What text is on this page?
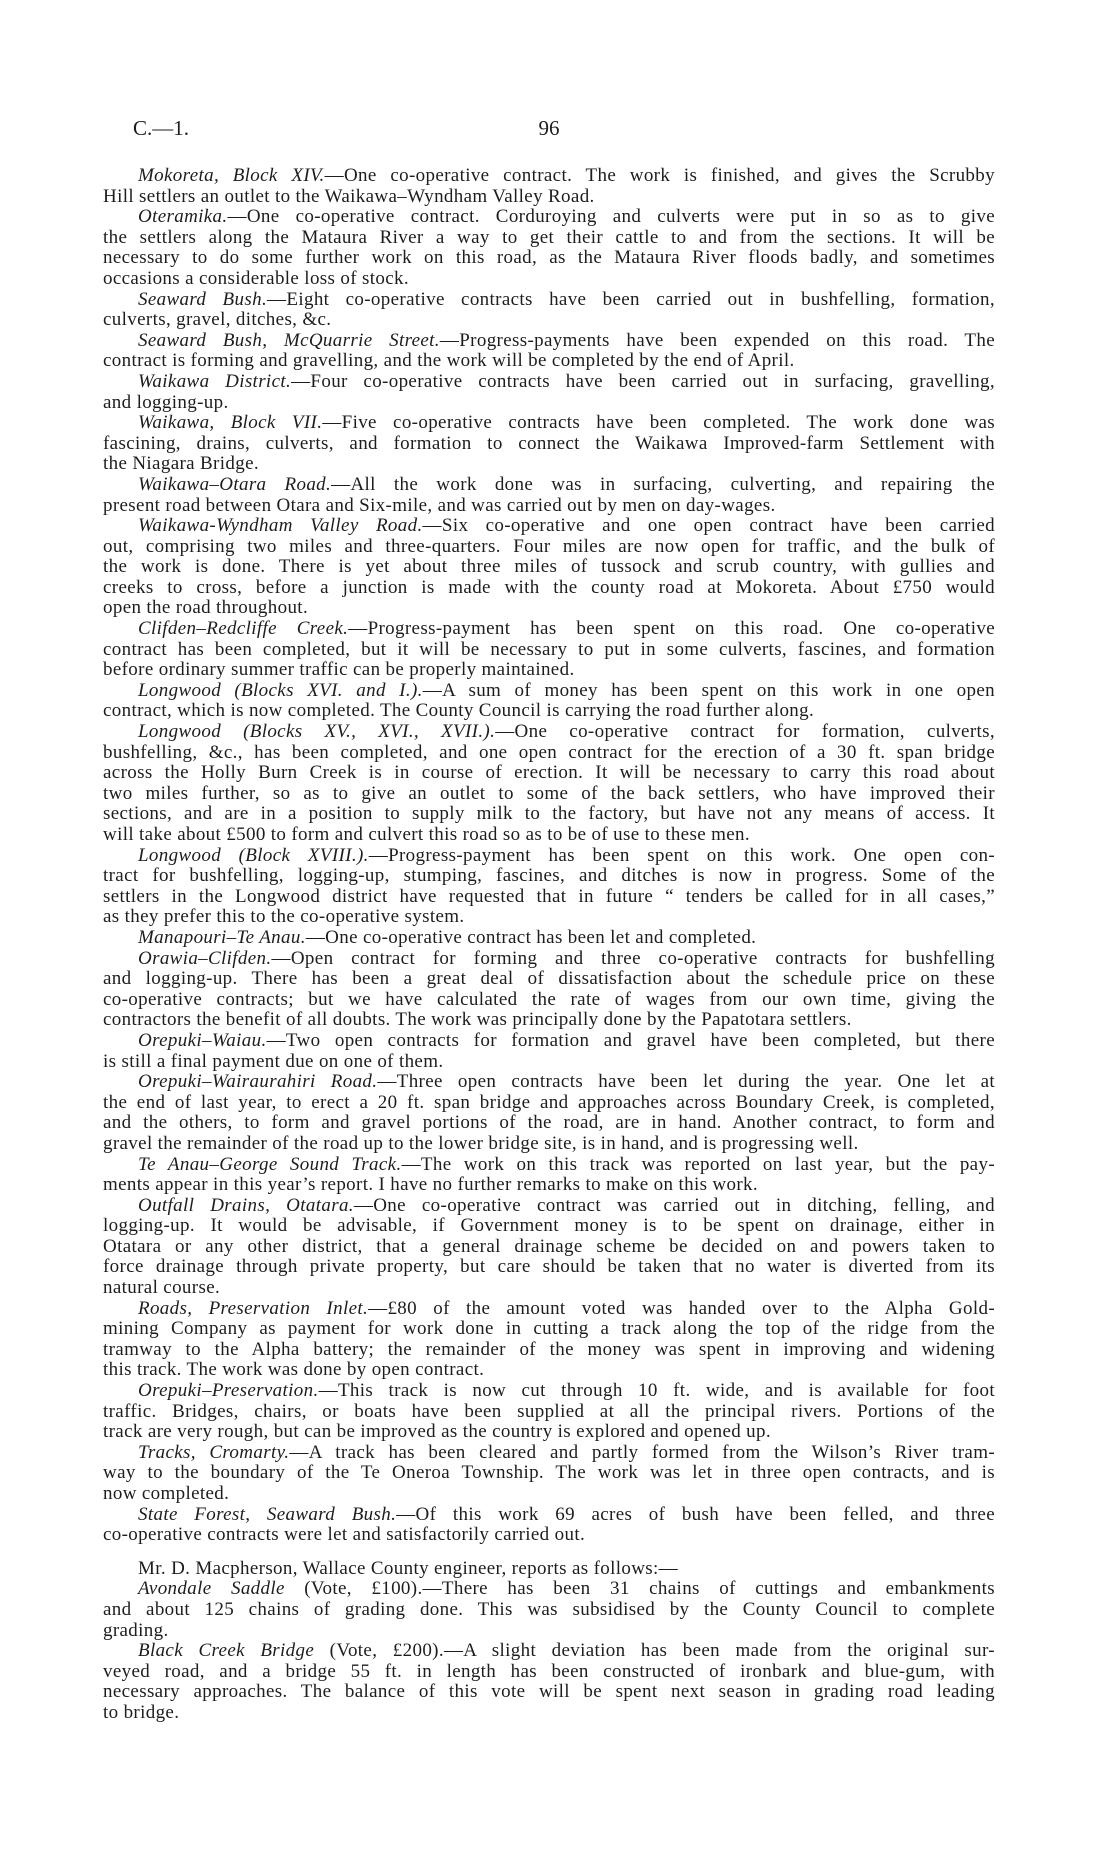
C.—1.	96
Mokoreta, Block XIV.—One co-operative contract. The work is finished, and gives the Scrubby
Hill settlers an outlet to the Waikawa–Wyndham Valley Road.
Oteramika.—One co-operative contract. Corduroying and culverts were put in so as to give
the settlers along the Mataura River a way to get their cattle to and from the sections. It will be
necessary to do some further work on this road, as the Mataura River floods badly, and sometimes
occasions a considerable loss of stock.
Seaward Bush.—Eight co-operative contracts have been carried out in bushfelling, formation,
culverts, gravel, ditches, &c.
Seaward Bush, McQuarrie Street.—Progress-payments have been expended on this road. The
contract is forming and gravelling, and the work will be completed by the end of April.
Waikawa District.—Four co-operative contracts have been carried out in surfacing, gravelling,
and logging-up.
Waikawa, Block VII.—Five co-operative contracts have been completed. The work done was
fascining, drains, culverts, and formation to connect the Waikawa Improved-farm Settlement with
the Niagara Bridge.
Waikawa–Otara Road.—All the work done was in surfacing, culverting, and repairing the
present road between Otara and Six-mile, and was carried out by men on day-wages.
Waikawa-Wyndham Valley Road.—Six co-operative and one open contract have been carried
out, comprising two miles and three-quarters. Four miles are now open for traffic, and the bulk of
the work is done. There is yet about three miles of tussock and scrub country, with gullies and
creeks to cross, before a junction is made with the county road at Mokoreta. About £750 would
open the road throughout.
Clifden–Redcliffe Creek.—Progress-payment has been spent on this road. One co-operative
contract has been completed, but it will be necessary to put in some culverts, fascines, and formation
before ordinary summer traffic can be properly maintained.
Longwood (Blocks XVI. and I.).—A sum of money has been spent on this work in one open
contract, which is now completed. The County Council is carrying the road further along.
Longwood (Blocks XV., XVI., XVII.).—One co-operative contract for formation, culverts,
bushfelling, &c., has been completed, and one open contract for the erection of a 30 ft. span bridge
across the Holly Burn Creek is in course of erection. It will be necessary to carry this road about
two miles further, so as to give an outlet to some of the back settlers, who have improved their
sections, and are in a position to supply milk to the factory, but have not any means of access. It
will take about £500 to form and culvert this road so as to be of use to these men.
Longwood (Block XVIII.).—Progress-payment has been spent on this work. One open con-
tract for bushfelling, logging-up, stumping, fascines, and ditches is now in progress. Some of the
settlers in the Longwood district have requested that in future “ tenders be called for in all cases,”
as they prefer this to the co-operative system.
Manapouri–Te Anau.—One co-operative contract has been let and completed.
Orawia–Clifden.—Open contract for forming and three co-operative contracts for bushfelling
and logging-up. There has been a great deal of dissatisfaction about the schedule price on these
co-operative contracts; but we have calculated the rate of wages from our own time, giving the
contractors the benefit of all doubts. The work was principally done by the Papatotara settlers.
Orepuki–Waiau.—Two open contracts for formation and gravel have been completed, but there
is still a final payment due on one of them.
Orepuki–Wairaurahiri Road.—Three open contracts have been let during the year. One let at
the end of last year, to erect a 20 ft. span bridge and approaches across Boundary Creek, is completed,
and the others, to form and gravel portions of the road, are in hand. Another contract, to form and
gravel the remainder of the road up to the lower bridge site, is in hand, and is progressing well.
Te Anau–George Sound Track.—The work on this track was reported on last year, but the pay-
ments appear in this year’s report. I have no further remarks to make on this work.
Outfall Drains, Otatara.—One co-operative contract was carried out in ditching, felling, and
logging-up. It would be advisable, if Government money is to be spent on drainage, either in
Otatara or any other district, that a general drainage scheme be decided on and powers taken to
force drainage through private property, but care should be taken that no water is diverted from its
natural course.
Roads, Preservation Inlet.—£80 of the amount voted was handed over to the Alpha Gold-
mining Company as payment for work done in cutting a track along the top of the ridge from the
tramway to the Alpha battery; the remainder of the money was spent in improving and widening
this track. The work was done by open contract.
Orepuki–Preservation.—This track is now cut through 10 ft. wide, and is available for foot
traffic. Bridges, chairs, or boats have been supplied at all the principal rivers. Portions of the
track are very rough, but can be improved as the country is explored and opened up.
Tracks, Cromarty.—A track has been cleared and partly formed from the Wilson’s River tram-
way to the boundary of the Te Oneroa Township. The work was let in three open contracts, and is
now completed.
State Forest, Seaward Bush.—Of this work 69 acres of bush have been felled, and three
co-operative contracts were let and satisfactorily carried out.
Mr. D. Macpherson, Wallace County engineer, reports as follows:—
Avondale Saddle (Vote, £100).—There has been 31 chains of cuttings and embankments
and about 125 chains of grading done. This was subsidised by the County Council to complete
grading.
Black Creek Bridge (Vote, £200).—A slight deviation has been made from the original sur-
veyed road, and a bridge 55 ft. in length has been constructed of ironbark and blue-gum, with
necessary approaches. The balance of this vote will be spent next season in grading road leading
to bridge.
